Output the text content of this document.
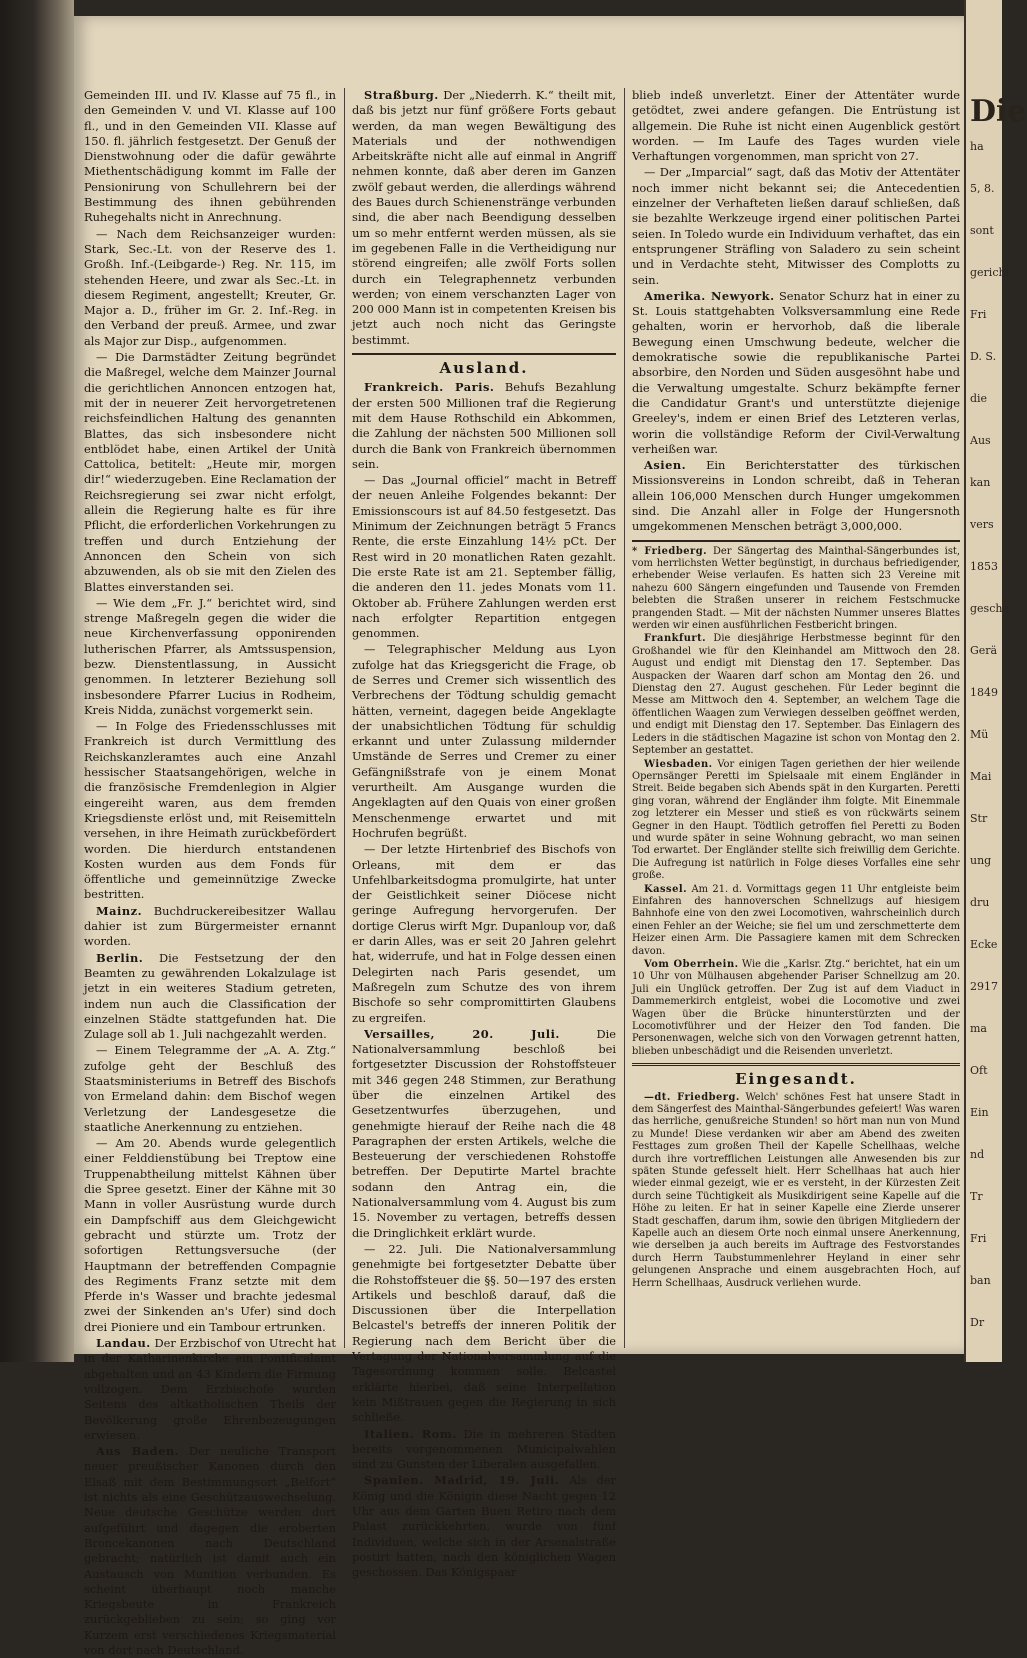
Gemeinden III. und IV. Klasse auf 75 fl., in den Gemeinden V. und VI. Klasse auf 100 fl., und in den Gemeinden VII. Klasse auf 150. fl. jährlich festgesetzt. Der Genuß der Dienstwohnung oder die dafür gewährte Miethentschädigung kommt im Falle der Pensionirung von Schullehrern bei der Bestimmung des ihnen gebührenden Ruhegehalts nicht in Anrechnung.

— Nach dem Reichsanzeiger wurden: Stark, Sec.-Lt. von der Reserve des 1. Großh. Inf.-(Leibgarde-) Reg. Nr. 115, im stehenden Heere, und zwar als Sec.-Lt. in diesem Regiment, angestellt; Kreuter, Gr. Major a. D., früher im Gr. 2. Inf.-Reg. in den Verband der preuß. Armee, und zwar als Major zur Disp., aufgenommen.

— Die Darmstädter Zeitung begründet die Maßregel, welche dem Mainzer Journal die gerichtlichen Annoncen entzogen hat, mit der in neuerer Zeit hervorgetretenen reichsfeindlichen Haltung des genannten Blattes, das sich insbesondere nicht entblödet habe, einen Artikel der Unità Cattolica, betitelt: „Heute mir, morgen dir!“ wiederzugeben. Eine Reclamation der Reichsregierung sei zwar nicht erfolgt, allein die Regierung halte es für ihre Pflicht, die erforderlichen Vorkehrungen zu treffen und durch Entziehung der Annoncen den Schein von sich abzuwenden, als ob sie mit den Zielen des Blattes einverstanden sei.

— Wie dem „Fr. J.“ berichtet wird, sind strenge Maßregeln gegen die wider die neue Kirchenverfassung opponirenden lutherischen Pfarrer, als Amtssuspension, bezw. Dienstentlassung, in Aussicht genommen. In letzterer Beziehung soll insbesondere Pfarrer Lucius in Rodheim, Kreis Nidda, zunächst vorgemerkt sein.

— In Folge des Friedensschlusses mit Frankreich ist durch Vermittlung des Reichskanzleramtes auch eine Anzahl hessischer Staatsangehörigen, welche in die französische Fremdenlegion in Algier eingereiht waren, aus dem fremden Kriegsdienste erlöst und, mit Reisemitteln versehen, in ihre Heimath zurückbefördert worden. Die hierdurch entstandenen Kosten wurden aus dem Fonds für öffentliche und gemeinnützige Zwecke bestritten.

Mainz. Buchdruckereibesitzer Wallau dahier ist zum Bürgermeister ernannt worden.

Berlin. Die Festsetzung der den Beamten zu gewährenden Lokalzulage ist jetzt in ein weiteres Stadium getreten, indem nun auch die Classification der einzelnen Städte stattgefunden hat. Die Zulage soll ab 1. Juli nachgezahlt werden.

— Einem Telegramme der „A. A. Ztg.“ zufolge geht der Beschluß des Staatsministeriums in Betreff des Bischofs von Ermeland dahin: dem Bischof wegen Verletzung der Landesgesetze die staatliche Anerkennung zu entziehen.

— Am 20. Abends wurde gelegentlich einer Felddienstübung bei Treptow eine Truppenabtheilung mittelst Kähnen über die Spree gesetzt. Einer der Kähne mit 30 Mann in voller Ausrüstung wurde durch ein Dampfschiff aus dem Gleichgewicht gebracht und stürzte um. Trotz der sofortigen Rettungsversuche (der Hauptmann der betreffenden Compagnie des Regiments Franz setzte mit dem Pferde in's Wasser und brachte jedesmal zwei der Sinkenden an's Ufer) sind doch drei Pioniere und ein Tambour ertrunken.

Landau. Der Erzbischof von Utrecht hat in der Katharinenkirche ein Pontificalamt abgehalten und an 43 Kindern die Firmung vollzogen. Dem Erzbischofe wurden Seitens des altkatholischen Theils der Bevölkerung große Ehrenbezeugungen erwiesen.

Aus Baden. Der neuliche Transport neuer preußischer Kanonen durch den Elsaß mit dem Bestimmungsort „Belfort“ ist nichts als eine Geschützauswechselung. Neue deutsche Geschütze werden dort aufgeführt und dagegen die eroberten Broncekanonen nach Deutschland gebracht; natürlich ist damit auch ein Austausch von Munition verbunden. Es scheint überhaupt noch manche Kriegsbeute in Frankreich zurückgeblieben zu sein; so ging vor Kurzem erst verschiedenes Kriegsmaterial von dort nach Deutschland.

Straßburg. Der „Niederrh. K.“ theilt mit, daß bis jetzt nur fünf größere Forts gebaut werden, da man wegen Bewältigung des Materials und der nothwendigen Arbeitskräfte nicht alle auf einmal in Angriff nehmen konnte, daß aber deren im Ganzen zwölf gebaut werden, die allerdings während des Baues durch Schienenstränge verbunden sind, die aber nach Beendigung desselben um so mehr entfernt werden müssen, als sie im gegebenen Falle in die Vertheidigung nur störend eingreifen; alle zwölf Forts sollen durch ein Telegraphennetz verbunden werden; von einem verschanzten Lager von 200 000 Mann ist in competenten Kreisen bis jetzt auch noch nicht das Geringste bestimmt.

Ausland.

Frankreich. Paris. Behufs Bezahlung der ersten 500 Millionen traf die Regierung mit dem Hause Rothschild ein Abkommen, die Zahlung der nächsten 500 Millionen soll durch die Bank von Frankreich übernommen sein.

— Das „Journal officiel“ macht in Betreff der neuen Anleihe Folgendes bekannt: Der Emissionscours ist auf 84.50 festgesetzt. Das Minimum der Zeichnungen beträgt 5 Francs Rente, die erste Einzahlung 14½ pCt. Der Rest wird in 20 monatlichen Raten gezahlt. Die erste Rate ist am 21. September fällig, die anderen den 11. jedes Monats vom 11. Oktober ab. Frühere Zahlungen werden erst nach erfolgter Repartition entgegen genommen.

— Telegraphischer Meldung aus Lyon zufolge hat das Kriegsgericht die Frage, ob de Serres und Cremer sich wissentlich des Verbrechens der Tödtung schuldig gemacht hätten, verneint, dagegen beide Angeklagte der unabsichtlichen Tödtung für schuldig erkannt und unter Zulassung mildernder Umstände de Serres und Cremer zu einer Gefängnißstrafe von je einem Monat verurtheilt. Am Ausgange wurden die Angeklagten auf den Quais von einer großen Menschenmenge erwartet und mit Hochrufen begrüßt.

— Der letzte Hirtenbrief des Bischofs von Orleans, mit dem er das Unfehlbarkeitsdogma promulgirte, hat unter der Geistlichkeit seiner Diöcese nicht geringe Aufregung hervorgerufen. Der dortige Clerus wirft Mgr. Dupanloup vor, daß er darin Alles, was er seit 20 Jahren gelehrt hat, widerrufe, und hat in Folge dessen einen Delegirten nach Paris gesendet, um Maßregeln zum Schutze des von ihrem Bischofe so sehr compromittirten Glaubens zu ergreifen.

Versailles, 20. Juli.	Die Nationalversammlung beschloß bei fortgesetzter Discussion der Rohstoffsteuer mit 346 gegen 248 Stimmen, zur Berathung über die einzelnen Artikel des Gesetzentwurfes überzugehen, und genehmigte hierauf der Reihe nach die 48 Paragraphen der ersten Artikels, welche die Besteuerung der verschiedenen Rohstoffe betreffen. Der Deputirte Martel brachte sodann den Antrag ein, die Nationalversammlung vom 4. August bis zum 15. November zu vertagen, betreffs dessen die Dringlichkeit erklärt wurde.

— 22. Juli. Die Nationalversammlung genehmigte bei fortgesetzter Debatte über die Rohstoffsteuer die §§. 50—197 des ersten Artikels und beschloß darauf, daß die Discussionen über die Interpellation Belcastel's betreffs der inneren Politik der Regierung nach dem Bericht über die Vertagung der Nationalversammlung auf die Tagesordnung kommen solle. Belcastel erklärte hierbei, daß seine Interpellation kein Mißtrauen gegen die Regierung in sich schließe.

Italien. Rom. Die in mehreren Städten bereits vorgenommenen Municipalwahlen sind zu Gunsten der Liberalen ausgefallen.

Spanien. Madrid, 19. Juli. Als der König und die Königin diese Nacht gegen 12 Uhr aus dem Garten Buen Retiro nach dem Palast zurückkehrten, wurde von fünf Individuen, welche sich in der Arsenalstraße postirt hatten, nach den königlichen Wagen geschossen. Das Königspaar

blieb indeß unverletzt. Einer der Attentäter wurde getödtet, zwei andere gefangen. Die Entrüstung ist allgemein. Die Ruhe ist nicht einen Augenblick gestört worden. — Im Laufe des Tages wurden viele Verhaftungen vorgenommen, man spricht von 27.

— Der „Imparcial“ sagt, daß das Motiv der Attentäter noch immer nicht bekannt sei; die Antecedentien einzelner der Verhafteten ließen darauf schließen, daß sie bezahlte Werkzeuge irgend einer politischen Partei seien. In Toledo wurde ein Individuum verhaftet, das ein entsprungener Sträfling von Saladero zu sein scheint und in Verdachte steht, Mitwisser des Complotts zu sein.

Amerika. Newyork. Senator Schurz hat in einer zu St. Louis stattgehabten Volksversammlung eine Rede gehalten, worin er hervorhob, daß die liberale Bewegung einen Umschwung bedeute, welcher die demokratische sowie die republikanische Partei absorbire, den Norden und Süden ausgesöhnt habe und die Verwaltung umgestalte. Schurz bekämpfte ferner die Candidatur Grant's und unterstützte diejenige Greeley's, indem er einen Brief des Letzteren verlas, worin die vollständige Reform der Civil-Verwaltung verheißen war.

Asien. Ein Berichterstatter des türkischen Missionsvereins in London schreibt, daß in Teheran allein 106,000 Menschen durch Hunger umgekommen sind. Die Anzahl aller in Folge der Hungersnoth umgekommenen Menschen beträgt 3,000,000.

* Friedberg. Der Sängertag des Mainthal-Sängerbundes ist, vom herrlichsten Wetter begünstigt, in durchaus befriedigender, erhebender Weise verlaufen. Es hatten sich 23 Vereine mit nahezu 600 Sängern eingefunden und Tausende von Fremden belebten die Straßen unserer in reichem Festschmucke prangenden Stadt. — Mit der nächsten Nummer unseres Blattes werden wir einen ausführlichen Festbericht bringen.

Frankfurt. Die diesjährige Herbstmesse beginnt für den Großhandel wie für den Kleinhandel am Mittwoch den 28. August und endigt mit Dienstag den 17. September. Das Auspacken der Waaren darf schon am Montag den 26. und Dienstag den 27. August geschehen. Für Leder beginnt die Messe am Mittwoch den 4. September, an welchem Tage die öffentlichen Waagen zum Verwiegen desselben geöffnet werden, und endigt mit Dienstag den 17. September. Das Einlagern des Leders in die städtischen Magazine ist schon von Montag den 2. September an gestattet.

Wiesbaden. Vor einigen Tagen geriethen der hier weilende Opernsänger Peretti im Spielsaale mit einem Engländer in Streit. Beide begaben sich Abends spät in den Kurgarten. Peretti ging voran, während der Engländer ihm folgte. Mit Einemmale zog letzterer ein Messer und stieß es von rückwärts seinem Gegner in den Haupt. Tödtlich getroffen fiel Peretti zu Boden und wurde später in seine Wohnung gebracht, wo man seinen Tod erwartet. Der Engländer stellte sich freiwillig dem Gerichte. Die Aufregung ist natürlich in Folge dieses Vorfalles eine sehr große.

Kassel. Am 21. d. Vormittags gegen 11 Uhr entgleiste beim Einfahren des hannoverschen Schnellzugs auf hiesigem Bahnhofe eine von den zwei Locomotiven, wahrscheinlich durch einen Fehler an der Weiche; sie fiel um und zerschmetterte dem Heizer einen Arm. Die Passagiere kamen mit dem Schrecken davon.

Vom Oberrhein. Wie die „Karlsr. Ztg.“ berichtet, hat ein um 10 Uhr von Mülhausen abgehender Pariser Schnellzug am 20. Juli ein Unglück getroffen. Der Zug ist auf dem Viaduct in Dammemerkirch entgleist, wobei die Locomotive und zwei Wagen über die Brücke hinunterstürzten und der Locomotivführer und der Heizer den Tod fanden. Die Personenwagen, welche sich von den Vorwagen getrennt hatten, blieben unbeschädigt und die Reisenden unverletzt.

Eingesandt.

—dt. Friedberg. Welch' schönes Fest hat unsere Stadt in dem Sängerfest des Mainthal-Sängerbundes gefeiert! Was waren das herrliche, genußreiche Stunden! so hört man nun von Mund zu Munde! Diese verdanken wir aber am Abend des zweiten Festtages zum großen Theil der Kapelle Schellhaas, welche durch ihre vortrefflichen Leistungen alle Anwesenden bis zur späten Stunde gefesselt hielt. Herr Schellhaas hat auch hier wieder einmal gezeigt, wie er es versteht, in der Kürzesten Zeit durch seine Tüchtigkeit als Musikdirigent seine Kapelle auf die Höhe zu leiten. Er hat in seiner Kapelle eine Zierde unserer Stadt geschaffen, darum ihm, sowie den übrigen Mitgliedern der Kapelle auch an diesem Orte noch einmal unsere Anerkennung, wie derselben ja auch bereits im Auftrage des Festvorstandes durch Herrn Taubstummenlehrer Heyland in einer sehr gelungenen Ansprache und einem ausgebrachten Hoch, auf Herrn Schellhaas, Ausdruck verliehen wurde.

Die
ha
5, 8.
sont
gericht
Fri
D. S.
die
Aus
kan
vers
1853
gesche
Gerä
1849
Mü
Mai
Str
ung
dru
Ecke
2917
ma
Oft
Ein
nd
Tr
Fri
ban
Dr
